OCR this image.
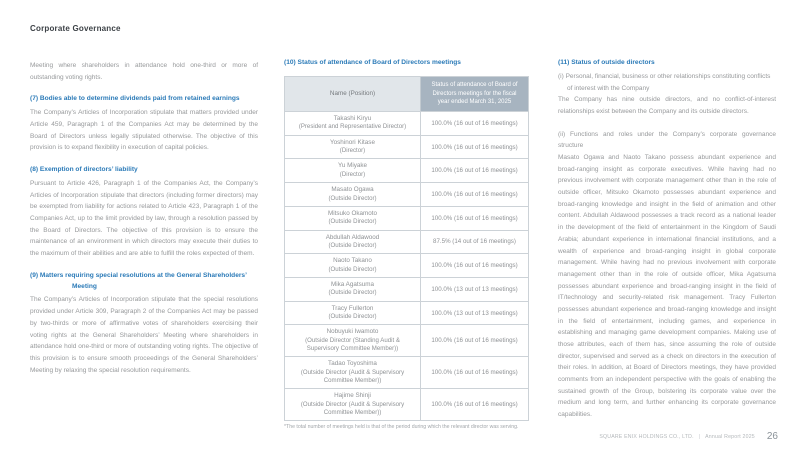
Corporate Governance

Meeting where shareholders in attendance hold one-third or more of outstanding voting rights.

(7) Bodies able to determine dividends paid from retained earnings

The Company’s Articles of Incorporation stipulate that matters provided under Article 459, Paragraph 1 of the Companies Act may be determined by the Board of Directors unless legally stipulated otherwise. The objective of this provision is to expand flexibility in execution of capital policies.

(8) Exemption of directors’ liability

Pursuant to Article 426, Paragraph 1 of the Companies Act, the Company’s Articles of Incorporation stipulate that directors (including former directors) may be exempted from liability for actions related to Article 423, Paragraph 1 of the Companies Act, up to the limit provided by law, through a resolution passed by the Board of Directors. The objective of this provision is to ensure the maintenance of an environment in which directors may execute their duties to the maximum of their abilities and are able to fulfill the roles expected of them.

(9) Matters requiring special resolutions at the General Shareholders’ Meeting

The Company’s Articles of Incorporation stipulate that the special resolutions provided under Article 309, Paragraph 2 of the Companies Act may be passed by two-thirds or more of affirmative votes of shareholders exercising their voting rights at the General Shareholders’ Meeting where shareholders in attendance hold one-third or more of outstanding voting rights. The objective of this provision is to ensure smooth proceedings of the General Shareholders’ Meeting by relaxing the special resolution requirements.

(10) Status of attendance of Board of Directors meetings
Name (Position)
Status of attendance of Board of Directors meetings for the fiscal year ended March 31, 2025
Takashi Kiryu
(President and Representative Director)
100.0% (16 out of 16 meetings)
Yoshinori Kitase
(Director)
100.0% (16 out of 16 meetings)
Yu Miyake
(Director)
100.0% (16 out of 16 meetings)
Masato Ogawa
(Outside Director)
100.0% (16 out of 16 meetings)
Mitsuko Okamoto
(Outside Director)
100.0% (16 out of 16 meetings)
Abdullah Aldawood
(Outside Director)
87.5% (14 out of 16 meetings)
Naoto Takano
(Outside Director)
100.0% (16 out of 16 meetings)
Mika Agatsuma
(Outside Director)
100.0% (13 out of 13 meetings)
Tracy Fullerton
(Outside Director)
100.0% (13 out of 13 meetings)
Nobuyuki Iwamoto
(Outside Director (Standing Audit & Supervisory Committee Member))
100.0% (16 out of 16 meetings)
Tadao Toyoshima
(Outside Director (Audit & Supervisory Committee Member))
100.0% (16 out of 16 meetings)
Hajime Shinji
(Outside Director (Audit & Supervisory Committee Member))
100.0% (16 out of 16 meetings)

*The total number of meetings held is that of the period during which the relevant director was serving.

(11) Status of outside directors

(i) Personal, financial, business or other relationships constituting conflicts of interest with the Company

The Company has nine outside directors, and no conflict-of-interest relationships exist between the Company and its outside directors.

(ii) Functions and roles under the Company’s corporate governance structure

Masato Ogawa and Naoto Takano possess abundant experience and broad-ranging insight as corporate executives. While having had no previous involvement with corporate management other than in the role of outside officer, Mitsuko Okamoto possesses abundant experience and broad-ranging knowledge and insight in the field of animation and other content. Abdullah Aldawood possesses a track record as a national leader in the development of the field of entertainment in the Kingdom of Saudi Arabia; abundant experience in international financial institutions, and a wealth of experience and broad-ranging insight in global corporate management. While having had no previous involvement with corporate management other than in the role of outside officer, Mika Agatsuma possesses abundant experience and broad-ranging insight in the field of IT/technology and security-related risk management. Tracy Fullerton possesses abundant experience and broad-ranging knowledge and insight in the field of entertainment, including games, and experience in establishing and managing game development companies. Making use of those attributes, each of them has, since assuming the role of outside director, supervised and served as a check on directors in the execution of their roles. In addition, at Board of Directors meetings, they have provided comments from an independent perspective with the goals of enabling the sustained growth of the Group, bolstering its corporate value over the medium and long term, and further enhancing its corporate governance capabilities.

SQUARE ENIX HOLDINGS CO., LTD. | Annual Report 2025 26
